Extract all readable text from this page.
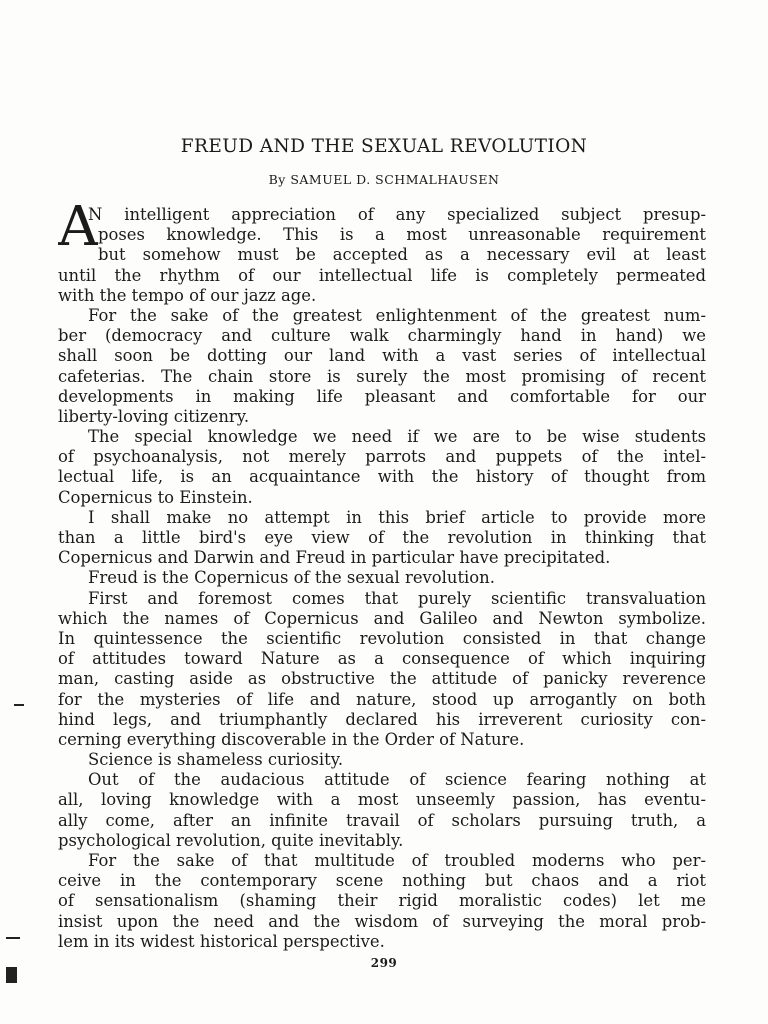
FREUD AND THE SEXUAL REVOLUTION
By SAMUEL D. SCHMALHAUSEN
A
N intelligent appreciation of any specialized subject presup-
poses knowledge. This is a most unreasonable requirement
but somehow must be accepted as a necessary evil at least
until the rhythm of our intellectual life is completely permeated
with the tempo of our jazz age.
For the sake of the greatest enlightenment of the greatest num-
ber (democracy and culture walk charmingly hand in hand) we
shall soon be dotting our land with a vast series of intellectual
cafeterias. The chain store is surely the most promising of recent
developments in making life pleasant and comfortable for our
liberty-loving citizenry.
The special knowledge we need if we are to be wise students
of psychoanalysis, not merely parrots and puppets of the intel-
lectual life, is an acquaintance with the history of thought from
Copernicus to Einstein.
I shall make no attempt in this brief article to provide more
than a little bird's eye view of the revolution in thinking that
Copernicus and Darwin and Freud in particular have precipitated.
Freud is the Copernicus of the sexual revolution.
First and foremost comes that purely scientific transvaluation
which the names of Copernicus and Galileo and Newton symbolize.
In quintessence the scientific revolution consisted in that change
of attitudes toward Nature as a consequence of which inquiring
man, casting aside as obstructive the attitude of panicky reverence
for the mysteries of life and nature, stood up arrogantly on both
hind legs, and triumphantly declared his irreverent curiosity con-
cerning everything discoverable in the Order of Nature.
Science is shameless curiosity.
Out of the audacious attitude of science fearing nothing at
all, loving knowledge with a most unseemly passion, has eventu-
ally come, after an infinite travail of scholars pursuing truth, a
psychological revolution, quite inevitably.
For the sake of that multitude of troubled moderns who per-
ceive in the contemporary scene nothing but chaos and a riot
of sensationalism (shaming their rigid moralistic codes) let me
insist upon the need and the wisdom of surveying the moral prob-
lem in its widest historical perspective.
299
